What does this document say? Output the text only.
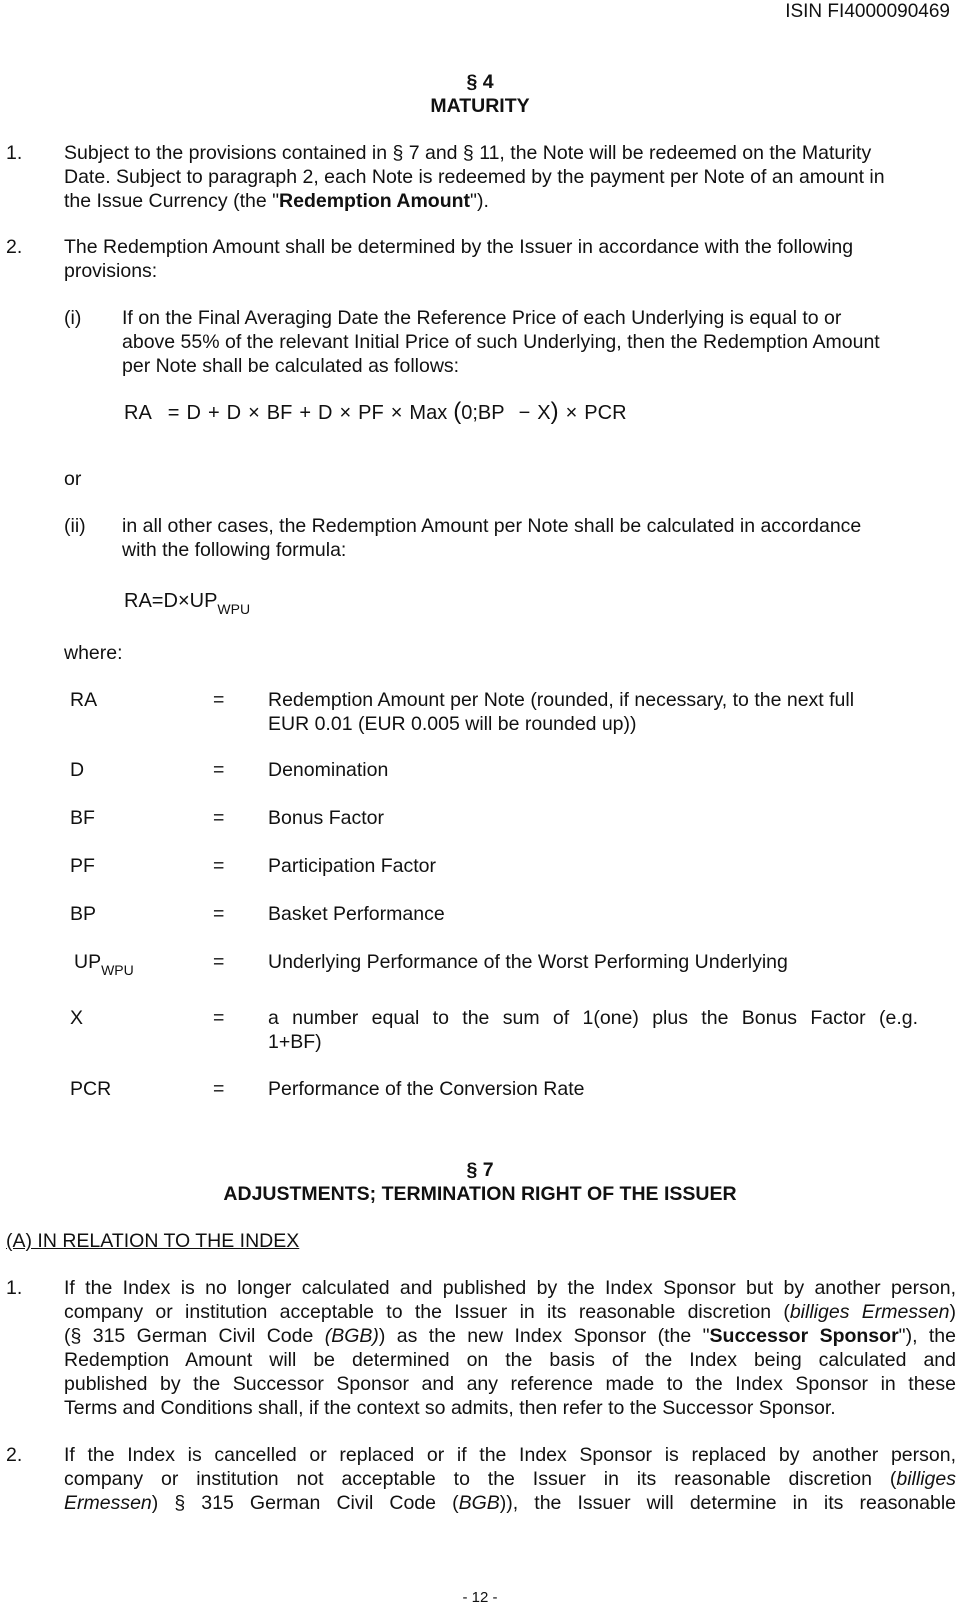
ISIN FI4000090469
§ 4
MATURITY
1. Subject to the provisions contained in § 7 and § 11, the Note will be redeemed on the Maturity
Date. Subject to paragraph 2, each Note is redeemed by the payment per Note of an amount in
the Issue Currency (the "Redemption Amount").
2. The Redemption Amount shall be determined by the Issuer in accordance with the following
provisions:
(i) If on the Final Averaging Date the Reference Price of each Underlying is equal to or
above 55% of the relevant Initial Price of such Underlying, then the Redemption Amount
per Note shall be calculated as follows:
RA = D + D × BF + D × PF × Max (0;BP − X) × PCR
or
(ii) in all other cases, the Redemption Amount per Note shall be calculated in accordance
with the following formula:
$RA=D\times UP_{WPU}$
where:
RA	= Redemption Amount per Note (rounded, if necessary, to the next full
EUR 0.01 (EUR 0.005 will be rounded up))
D	= Denomination
BF	= Bonus Factor
PF	= Participation Factor
BP	= Basket Performance
$UP_{WPU}$	= Underlying Performance of the Worst Performing Underlying
X	= a number equal to the sum of 1(one) plus the Bonus Factor (e.g.
1+BF)
PCR	= Performance of the Conversion Rate
§ 7
ADJUSTMENTS; TERMINATION RIGHT OF THE ISSUER
(A) IN RELATION TO THE INDEX
1. If the Index is no longer calculated and published by the Index Sponsor but by another person,
company or institution acceptable to the Issuer in its reasonable discretion (billiges Ermessen)
(§ 315 German Civil Code (BGB)) as the new Index Sponsor (the "Successor Sponsor"), the
Redemption Amount will be determined on the basis of the Index being calculated and
published by the Successor Sponsor and any reference made to the Index Sponsor in these
Terms and Conditions shall, if the context so admits, then refer to the Successor Sponsor.
2. If the Index is cancelled or replaced or if the Index Sponsor is replaced by another person,
company or institution not acceptable to the Issuer in its reasonable discretion (billiges
Ermessen) § 315 German Civil Code (BGB)), the Issuer will determine in its reasonable
- 12 -
